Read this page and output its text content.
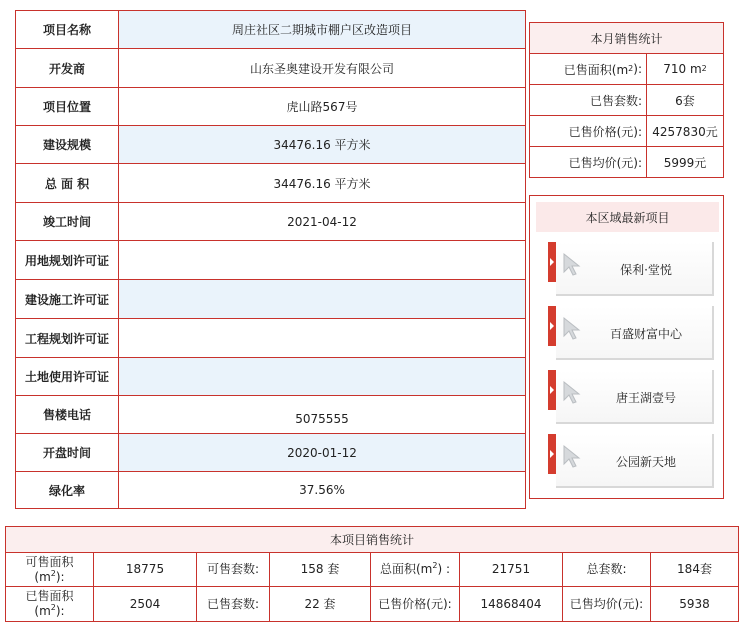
项目名称	周庄社区二期城市棚户区改造项目
开发商	山东圣奥建设开发有限公司
项目位置	虎山路567号
建设规模	34476.16 平方米
总 面 积	34476.16 平方米
竣工时间	2021-04-12
用地规划许可证
建设施工许可证
工程规划许可证
土地使用许可证
售楼电话	5075555
开盘时间	2020-01-12
绿化率	37.56%
本月销售统计
已售面积(m 2 ): 710 m 2
已售套数:	6套
已售价格(元): 4257830元
已售均价(元):	5999元
本区域最新项目
保利·堂悦
百盛财富中心
唐王湖壹号
公园新天地
本项目销售统计
可售面积
$(m^2)$:
18775	可售套数:	158 套	总面积$(m^2)$ :	21751	总套数:	184套
已售面积
$(m^2)$:
2504	已售套数:	22 套	已售价格(元):	14868404	已售均价(元):	5938
